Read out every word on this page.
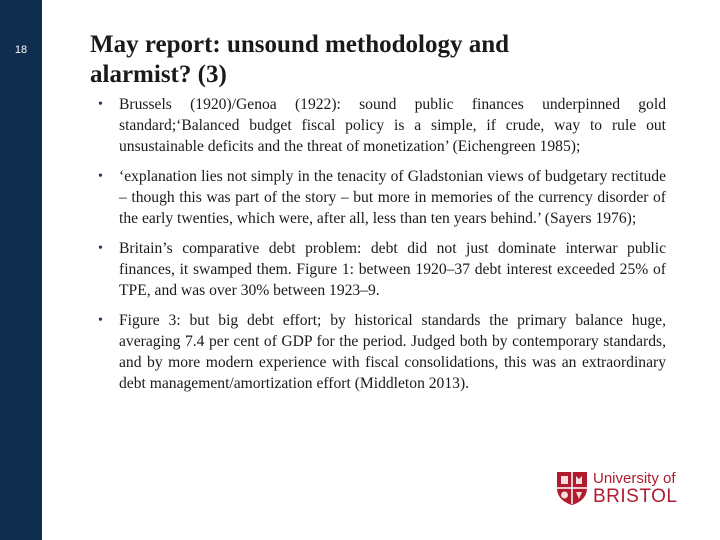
18	May report: unsound methodology and
alarmist? (3)
• Brussels (1920)/Genoa (1922): sound public finances underpinned gold standard;‘Balanced budget fiscal policy is a simple, if crude, way to rule out unsustainable deficits and the threat of monetization’ (Eichengreen 1985);
• ‘explanation lies not simply in the tenacity of Gladstonian views of budgetary rectitude – though this was part of the story – but more in memories of the currency disorder of the early twenties, which were, after all, less than ten years behind.’ (Sayers 1976);
• Britain’s comparative debt problem: debt did not just dominate interwar public finances, it swamped them. Figure 1: between 1920–37 debt interest exceeded 25% of TPE, and was over 30% between 1923–9.
• Figure 3: but big debt effort; by historical standards the primary balance huge, averaging 7.4 per cent of GDP for the period. Judged both by contemporary standards, and by more modern experience with fiscal consolidations, this was an extraordinary debt management/amortization effort (Middleton 2013).
University of
BRISTOL
